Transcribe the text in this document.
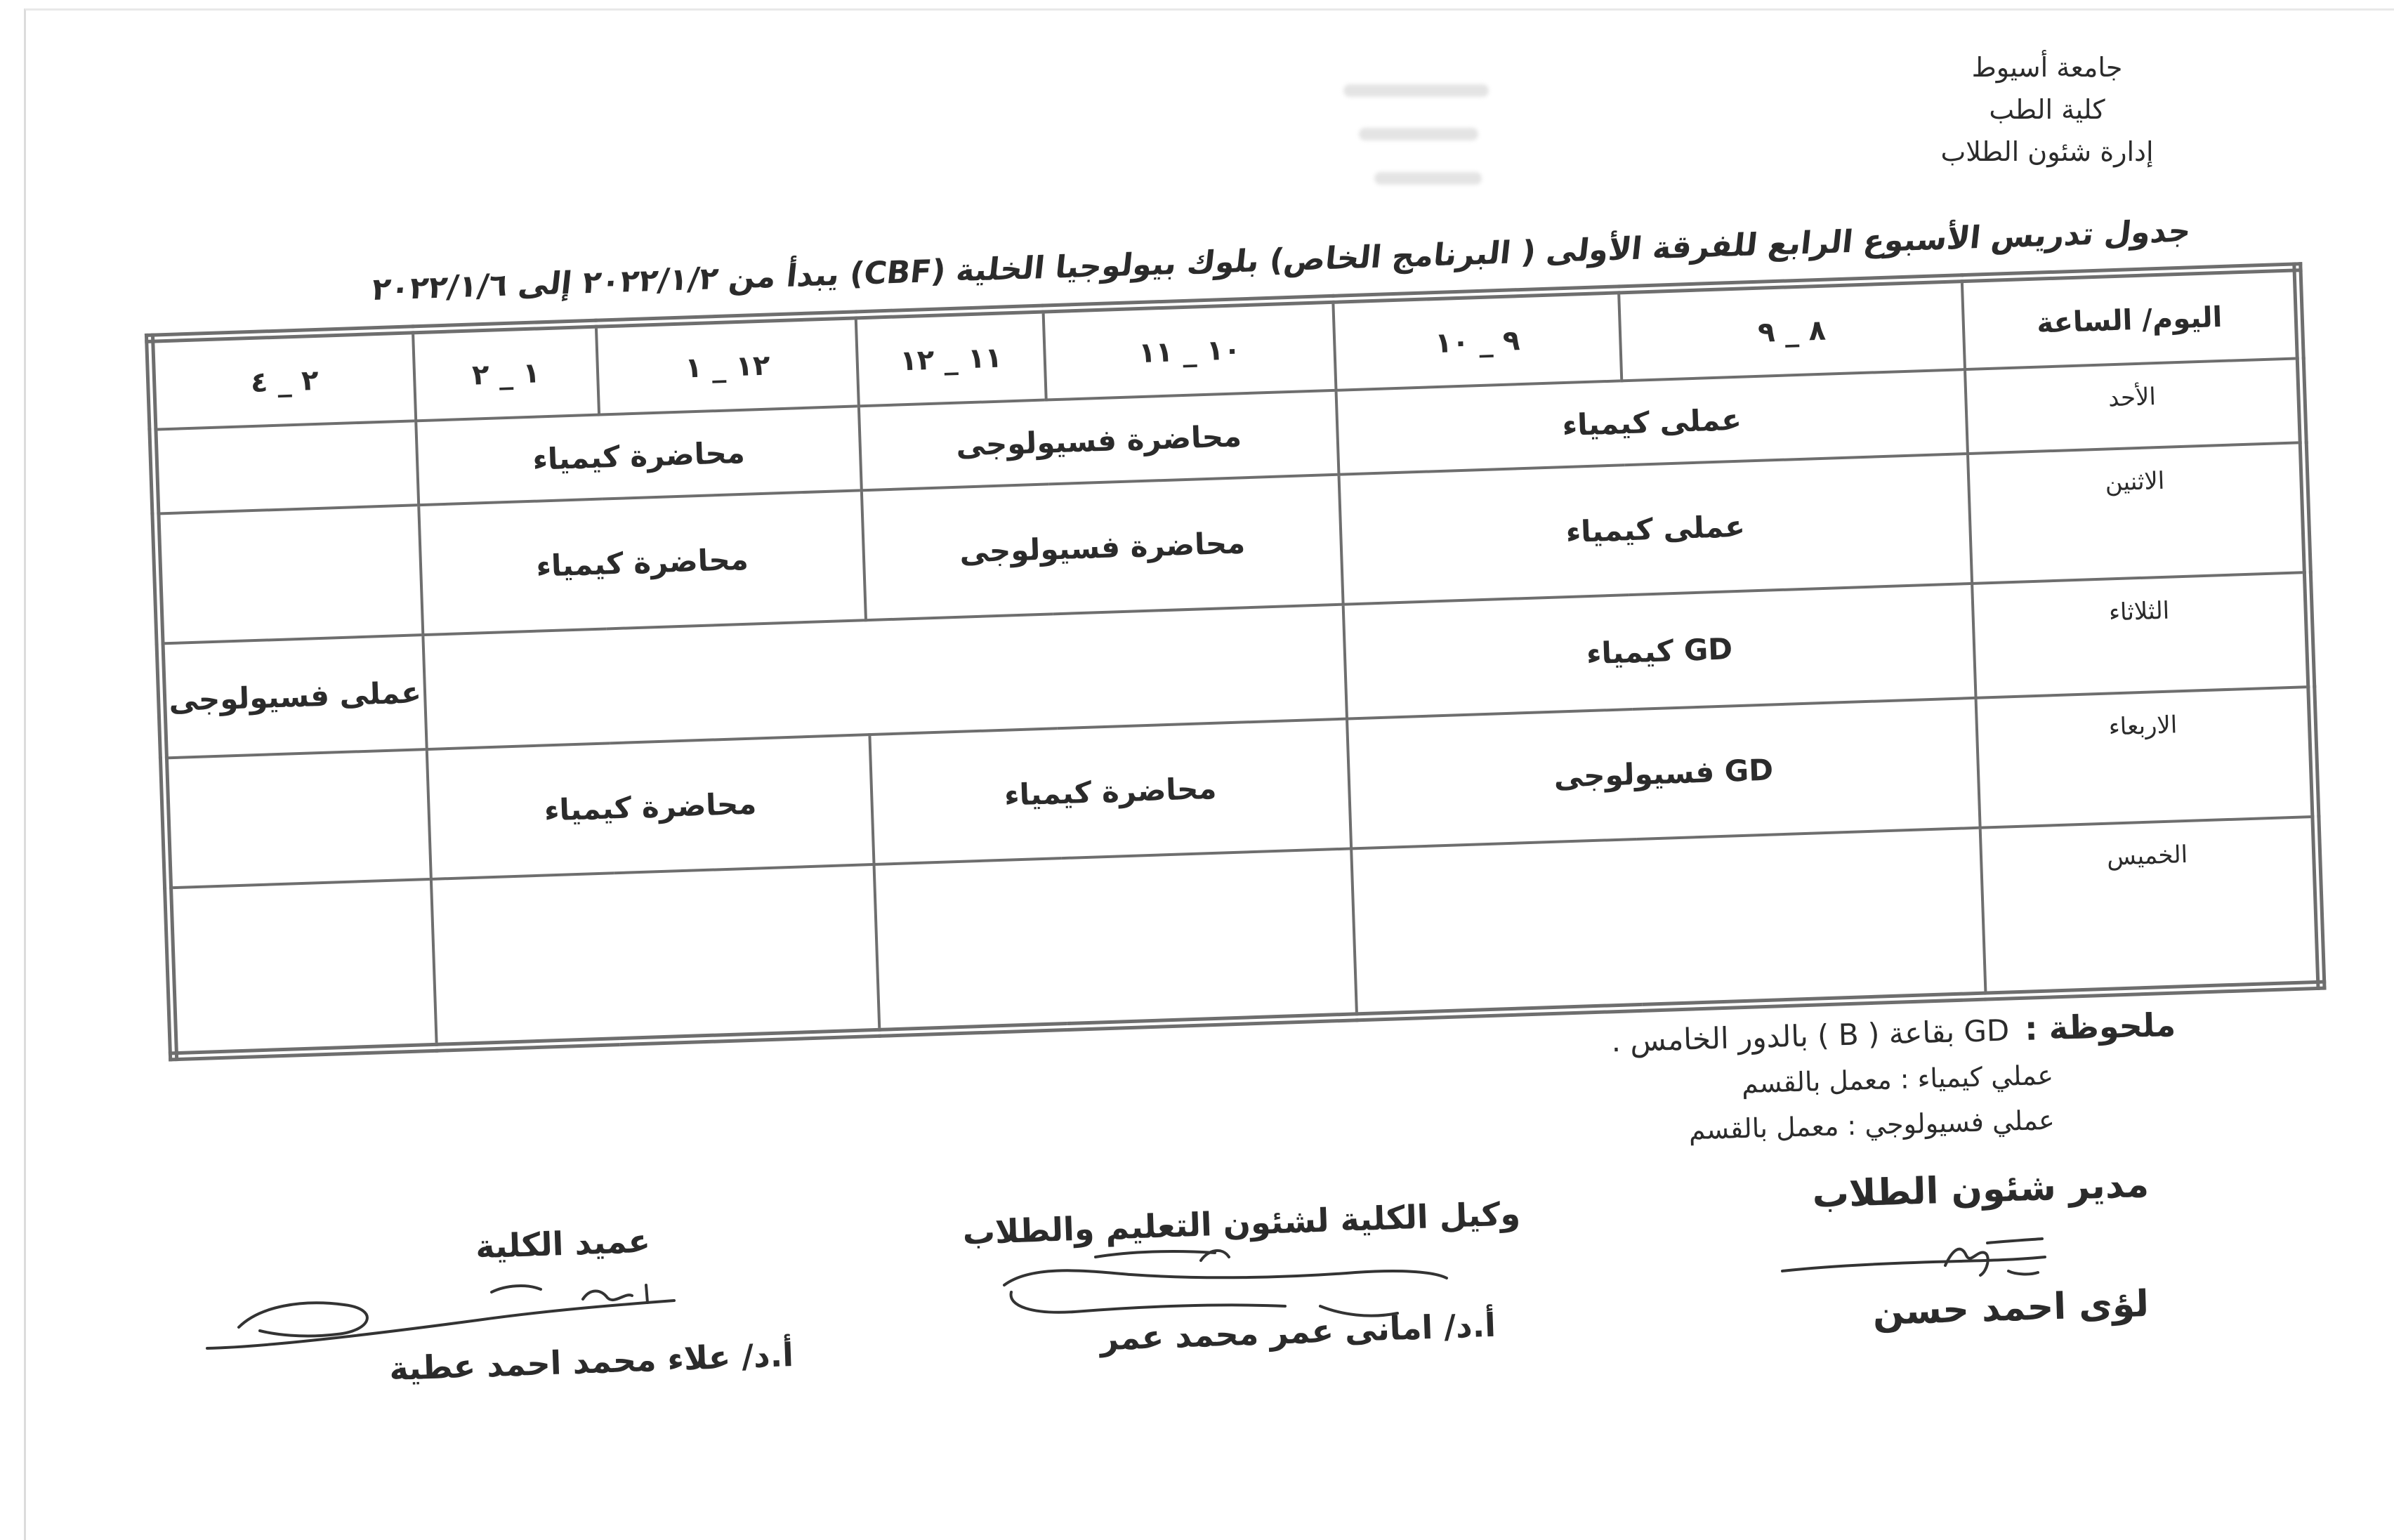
جامعة أسيوط
كلية الطب
إدارة شئون الطلاب
جدول تدريس الأسبوع الرابع للفرقة الأولى ( البرنامج الخاص) بلوك بيولوجيا الخلية (CBF) يبدأ من ٢٠٢٢/١/٢ إلى ٢٠٢٢/١/٦
اليوم/ الساعة	٨ _ ٩	٩ _ ١٠	١٠ _ ١١	١١ _ ١٢	١٢ _ ١	١ _ ٢	٢ _ ٤
الأحد	عملى كيمياء		محاضرة فسيولوجى		محاضرة كيمياء		
الاثنين	عملى كيمياء		محاضرة فسيولوجى		محاضرة كيمياء		
الثلاثاء	GD كيمياء						عملى فسيولوجى
الاربعاء	GD فسيولوجى		محاضرة كيمياء		محاضرة كيمياء		
الخميس							
ملحوظة :GD بقاعة ( B ) بالدور الخامس .
عملي كيمياء : معمل بالقسم
عملي فسيولوجي : معمل بالقسم
مدير شئون الطلاب
لؤى احمد حسن
وكيل الكلية لشئون التعليم والطلاب
أ.د/ امانى عمر محمد عمر
عميد الكلية
أ.د/ علاء محمد احمد عطية
